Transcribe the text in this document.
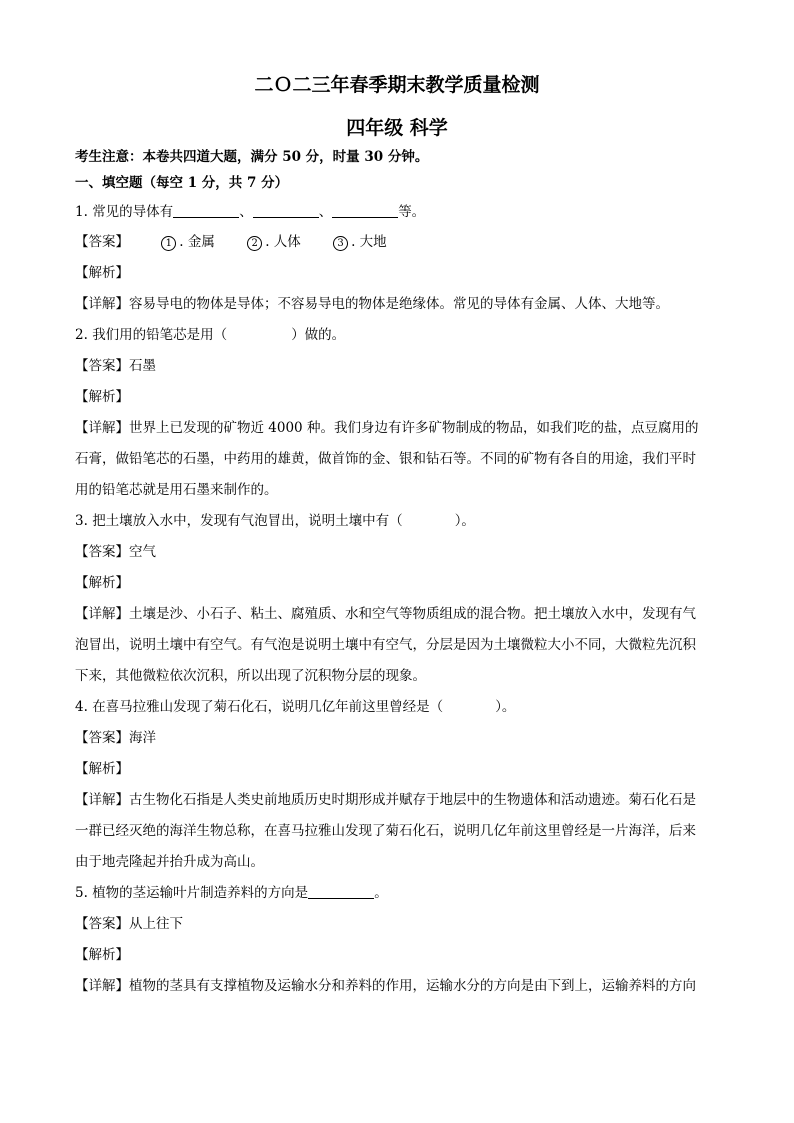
二Ｏ二三年春季期末教学质量检测
四年级 科学
考生注意：本卷共四道大题，满分 50 分，时量 30 分钟。
一、填空题（每空 1 分，共 7 分）
1. 常见的导体有	、	、	等。
【答案】	1 . 金属	2 . 人体	3 . 大地
【解析】
【详解】容易导电的物体是导体；不容易导电的物体是绝缘体。常见的导体有金属、人体、大地等。
2. 我们用的铅笔芯是用（	）做的。
【答案】石墨
【解析】
【详解】世界上已发现的矿物近 4000 种。我们身边有许多矿物制成的物品，如我们吃的盐，点豆腐用的
石膏，做铅笔芯的石墨，中药用的雄黄，做首饰的金、银和钻石等。不同的矿物有各自的用途，我们平时
用的铅笔芯就是用石墨来制作的。
3. 把土壤放入水中，发现有气泡冒出，说明土壤中有（	）。
【答案】空气
【解析】
【详解】土壤是沙、小石子、粘土、腐殖质、水和空气等物质组成的混合物。把土壤放入水中，发现有气
泡冒出，说明土壤中有空气。有气泡是说明土壤中有空气，分层是因为土壤微粒大小不同，大微粒先沉积
下来，其他微粒依次沉积，所以出现了沉积物分层的现象。
4. 在喜马拉雅山发现了菊石化石，说明几亿年前这里曾经是（	）。
【答案】海洋
【解析】
【详解】古生物化石指是人类史前地质历史时期形成并赋存于地层中的生物遗体和活动遗迹。菊石化石是
一群已经灭绝的海洋生物总称，在喜马拉雅山发现了菊石化石，说明几亿年前这里曾经是一片海洋，后来
由于地壳隆起并抬升成为高山。
5. 植物的茎运输叶片制造养料的方向是	。
【答案】从上往下
【解析】
【详解】植物的茎具有支撑植物及运输水分和养料的作用，运输水分的方向是由下到上，运输养料的方向
